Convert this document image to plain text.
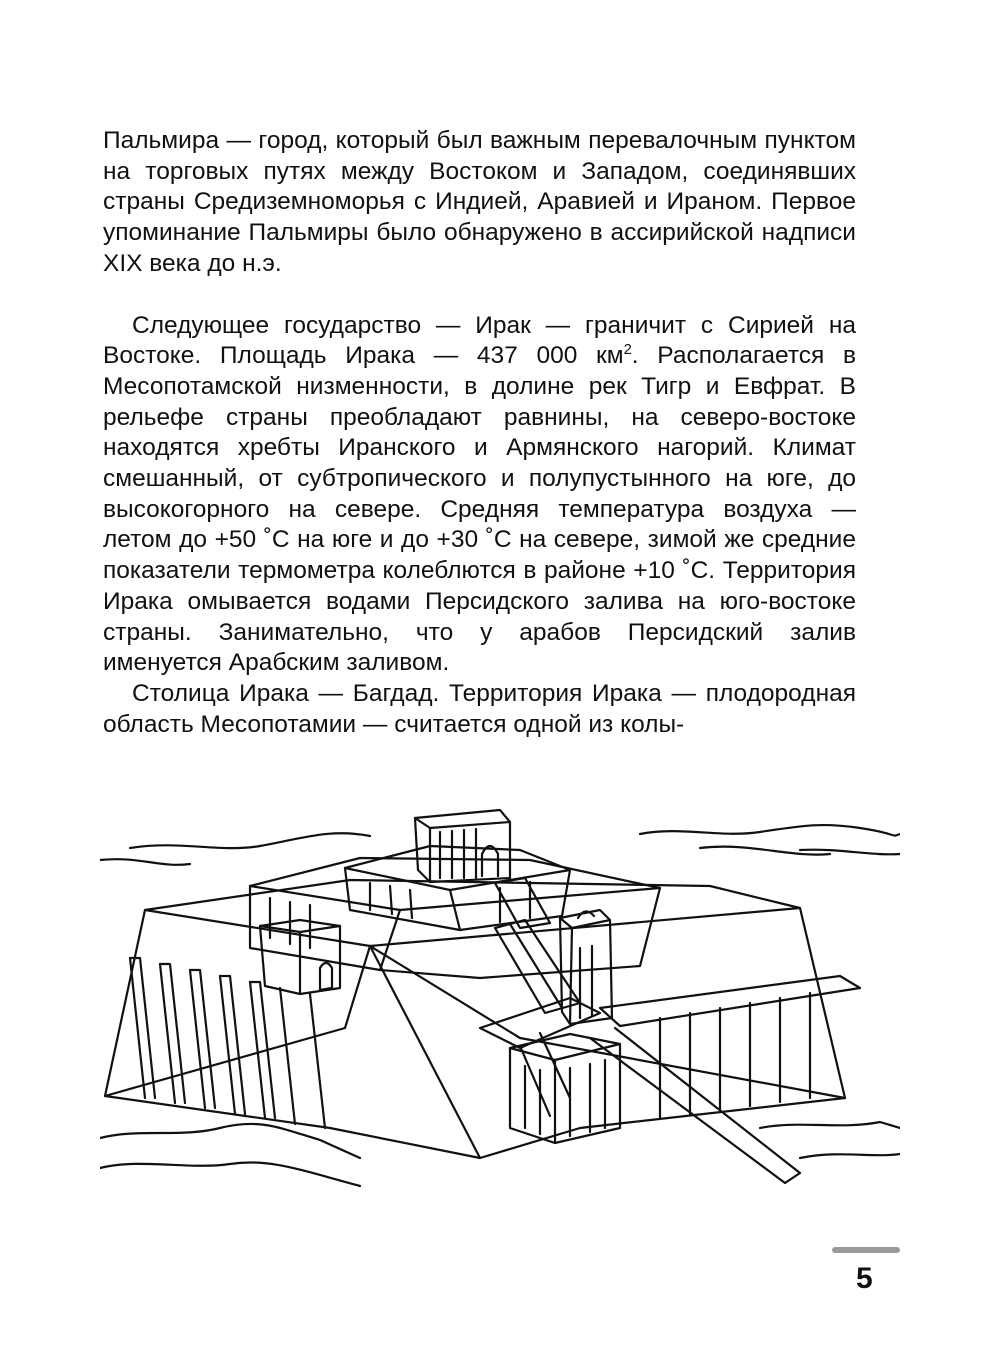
Пальмира — город, который был важным перевалочным пунктом на торговых путях между Востоком и Западом, соединявших страны Средиземноморья с Индией, Аравией и Ираном. Первое упоминание Пальмиры было обнаружено в ассирийской надписи XIX века до н.э.

Следующее государство — Ирак — граничит с Сирией на Востоке. Площадь Ирака — 437 000 $км^2$. Располагается в Месопотамской низменности, в долине рек Тигр и Евфрат. В рельефе страны преобладают равнины, на северо-востоке находятся хребты Иранского и Армянского нагорий. Климат смешанный, от субтропического и полупустынного на юге, до высокогорного на севере. Средняя температура воздуха — летом до +50 ˚С на юге и до +30 ˚С на севере, зимой же средние показатели термометра колеблются в районе +10 ˚С. Территория Ирака омывается водами Персидского залива на юго-востоке страны. Занимательно, что у арабов Персидский залив именуется Арабским заливом.

Столица Ирака — Багдад. Территория Ирака — плодородная область Месопотамии — считается одной из колы-

5
